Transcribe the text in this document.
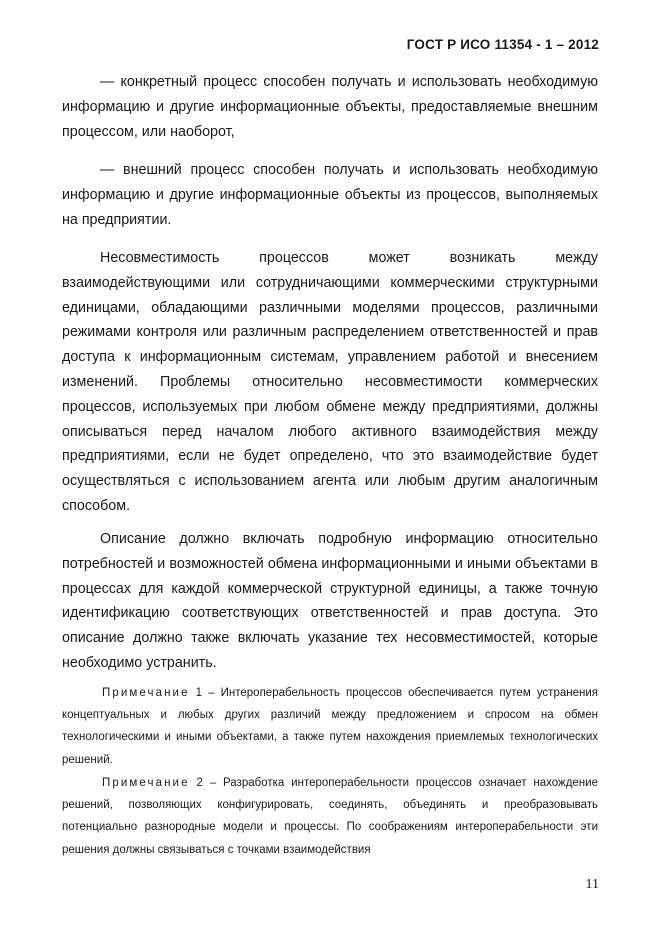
ГОСТ Р ИСО 11354 - 1 – 2012

— конкретный процесс способен получать и использовать необходимую информацию и другие информационные объекты, предоставляемые внешним процессом, или наоборот,

— внешний процесс способен получать и использовать необходимую информацию и другие информационные объекты из процессов, выполняемых на предприятии.

Несовместимость процессов может возникать между взаимодействующими или сотрудничающими коммерческими структурными единицами, обладающими различными моделями процессов, различными режимами контроля или различным распределением ответственностей и прав доступа к информационным системам, управлением работой и внесением изменений. Проблемы относительно несовместимости коммерческих процессов, используемых при любом обмене между предприятиями, должны описываться перед началом любого активного взаимодействия между предприятиями, если не будет определено, что это взаимодействие будет осуществляться с использованием агента или любым другим аналогичным способом.

Описание должно включать подробную информацию относительно потребностей и возможностей обмена информационными и иными объектами в процессах для каждой коммерческой структурной единицы, а также точную идентификацию соответствующих ответственностей и прав доступа. Это описание должно также включать указание тех несовместимостей, которые необходимо устранить.

Примечание 1 – Интероперабельность процессов обеспечивается путем устранения концептуальных и любых других различий между предложением и спросом на обмен технологическими и иными объектами, а также путем нахождения приемлемых технологических решений.

Примечание 2 – Разработка интероперабельности процессов означает нахождение решений, позволяющих конфигурировать, соединять, объединять и преобразовывать потенциально разнородные модели и процессы. По соображениям интероперабельности эти решения должны связываться с точками взаимодействия

11
